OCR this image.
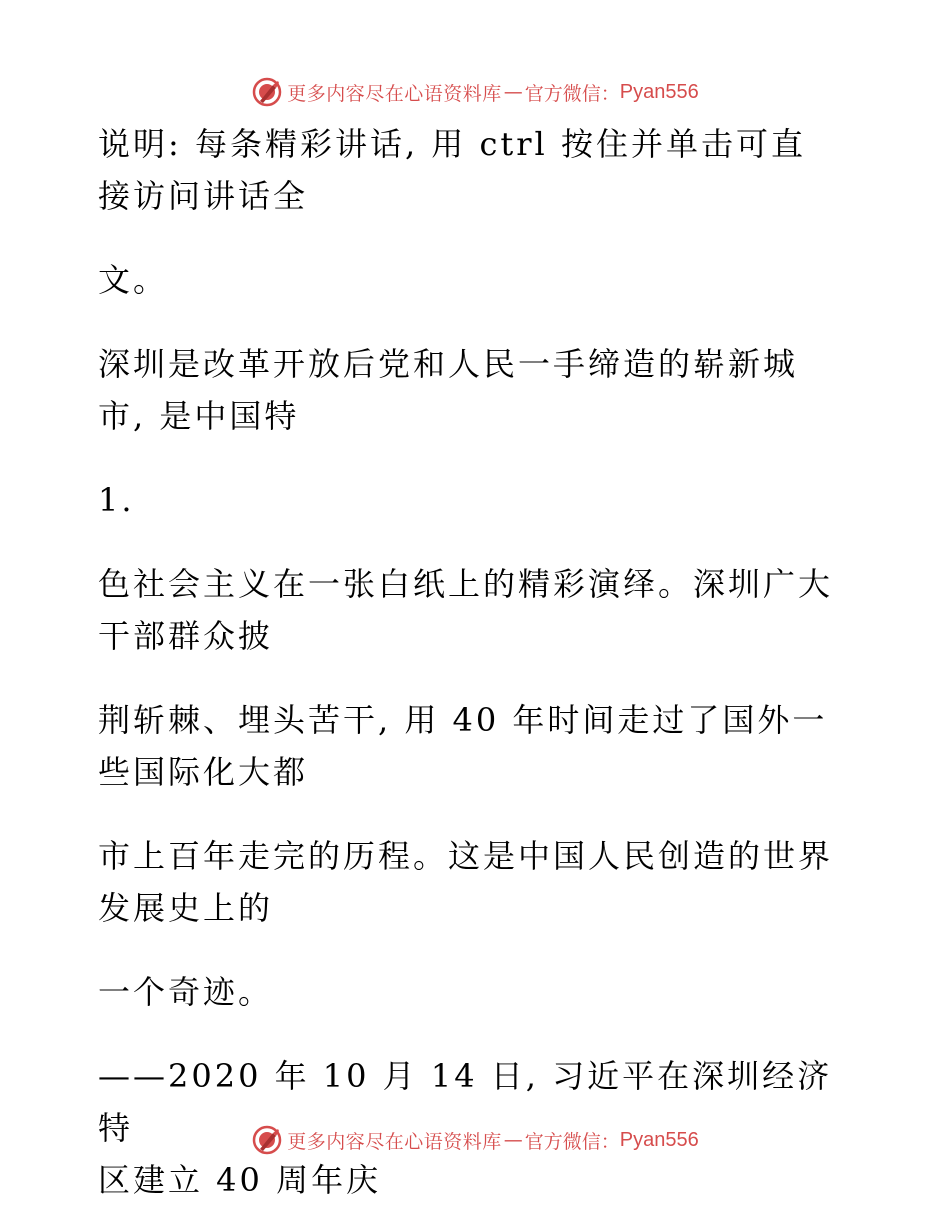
更多内容尽在心语资料库 — 官方微信： Pyan556

说明: 每条精彩讲话, 用 ctrl 按住并单击可直

接访问讲话全

文。

深圳是改革开放后党和人民一手缔造的崭新城

市, 是中国特

1.

色社会主义在一张白纸上的精彩演绎。深圳广大

干部群众披

荆斩棘、埋头苦干, 用 40 年时间走过了国外一

些国际化大都

市上百年走完的历程。这是中国人民创造的世界

发展史上的

一个奇迹。

——2020 年 10 月 14 日, 习近平在深圳经济特

区建立 40 周年庆

更多内容尽在心语资料库 — 官方微信： Pyan556
